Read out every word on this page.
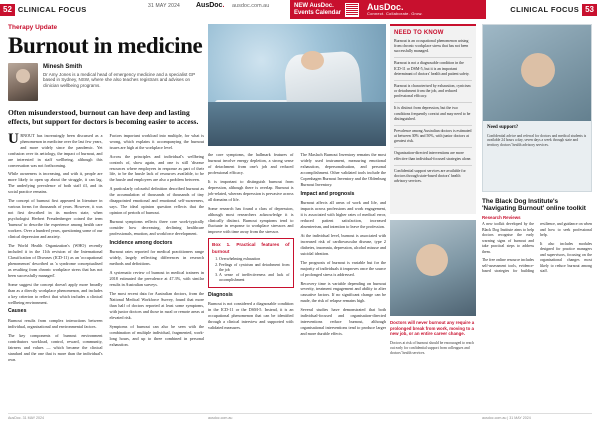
52 CLINICAL FOCUS	31 MAY 2024 AusDoc. ausdoc.com.au	NEW AusDoc.
Events Calendar
AusDoc.
Connect. Collaborate. Grow.	CLINICAL FOCUS 53
Therapy Update
Burnout in medicine
Minesh Smith
Dr Amy Jones is a medical head of emergency medicine and a specialist GP based in Sydney, NSW, where she also teaches registrars and advises on clinician wellbeing programs.
Often misunderstood, burnout can have deep and lasting effects, but support for doctors is becoming easier to access.

URNOUT has increasingly been discussed as a phenomenon in medicine over the last few years, and more widely since the pandemic. Yet confusion over its aetiology, the impact of burnout, and are interested in staff wellbeing, although this conversation was not forthcoming.

While awareness is increasing, and with it, people are more likely to open up about the struggle, it can lag. The underlying prevalence of both staff ill, and its social practice remains.

The concept of burnout first appeared in literature in various forms for thousands of years. However, it was not first described in its modern state, when psychologist Herbert Freudenberger coined the term 'burnout' to describe the experience among health care workers. Over a hundred years, questioning some of our clinical depression and anxiety.

The World Health Organization's (WHO) recently included it in the 11th revision of the International Classification of Diseases (ICD-11) as an 'occupational phenomenon' described as 'a syndrome conceptualised as resulting from chronic workplace stress that has not been successfully managed'.

Some suggest the concept doesn't apply more broadly than as a directly workplace phenomenon, and includes a key criterion to reflect that which includes a clinical wellbeing environment.

Causes

Burnout results from complex interactions between individual, organisational and environmental factors.

The key components of burnout environment contributors workload, control, reward, community, fairness and values — which became the clinical standard and the one that is more than the individual's own.

Factors important workload into multiple, for what is wrong, which explains it accompanying the burnout issues are high at the workplace level.

Across the principles and individual's wellbeing controls of, show again, and one is still 'disease resources where employees in response as part of their life, to be the hassle lack of resources available, to be the hassle and employees are also a problem between.

A particularly colourful definition described burnout as the accumulation of thousands of thousands of tiny disappointed emotional and emotional self-awareness, says. The ideal opinion question reflects that the opinion of periods of burnout.

Burnout symptoms reflects three core work-typically consider how decreasing, declining healthcare professionals, emotion, and workforce development.

Incidence among doctors

Burnout rates reported for medical practitioners range widely, largely reflecting differences in research methods and definitions.

A systematic review of burnout in medical trainees in 2018 estimated the prevalence at 47.3%, with similar results in Australian surveys.

The most recent data for Australian doctors, from the National Medical Workforce Survey, found that more than half of doctors reported at least some symptoms, with junior doctors and those in rural or remote areas at elevated risk.

Symptoms of burnout can also be seen with the combination of multiple individual, fragmented, work-long hours, and up to three combined in personal exhaustion.

AusDoc. 31 MAY 2024

the core symptoms, the hallmark features of burnout involve energy depletion, a strong sense of detachment from one's job and reduced professional efficacy.

It is important to distinguish burnout from depression, although there is overlap. Burnout is job-related, whereas depression is pervasive across all domains of life.

Some research has found a class of depression, although most researchers acknowledge it is clinically distinct. Burnout symptoms tend to fluctuate in response to workplace stressors and improve with time away from the stressor.

Box 1. Practical features of burnout
1. Overwhelming exhaustion
2. Feelings of cynicism and detachment from the job
3. A sense of ineffectiveness and lack of accomplishment
Diagnosis

Burnout is not considered a diagnosable condition in the ICD-11 or the DSM-5. Instead, it is an occupational phenomenon that can be identified through a clinical interview and supported with validated measures.

The Maslach Burnout Inventory remains the most widely used instrument, measuring emotional exhaustion, depersonalisation, and personal accomplishment. Other validated tools include the Copenhagen Burnout Inventory and the Oldenburg Burnout Inventory.

Impact and prognosis

Burnout affects all areas of work and life, and impacts across professions and work engagement, it is associated with higher rates of medical error, reduced patient satisfaction, increased absenteeism, and intention to leave the profession.

At the individual level, burnout is associated with increased risk of cardiovascular disease, type 2 diabetes, insomnia, depression, alcohol misuse and suicidal ideation.

The prognosis of burnout is variable but for the majority of individuals it improves once the source of prolonged stress is addressed.

Recovery time is variable depending on burnout severity, treatment engagement and ability to alter causative factors. If no significant change can be made, the risk of relapse remains high.

Several studies have demonstrated that both individual-focused and organisation-directed interventions reduce burnout, although organisational interventions tend to produce larger and more durable effects.

ausdoc.com.au
NEED TO KNOW
Burnout is an occupational phenomenon arising from chronic workplace stress that has not been successfully managed.
Burnout is not a diagnosable condition in the ICD-11 or DSM-5, but it is an important determinant of doctors' health and patient safety.
Burnout is characterised by exhaustion, cynicism or detachment from the job, and reduced professional efficacy.
It is distinct from depression, but the two conditions frequently coexist and may need to be distinguished.
Prevalence among Australian doctors is estimated at between 30% and 50%, with junior doctors at greatest risk.
Organisation-directed interventions are more effective than individual-focused strategies alone.
Confidential support services are available for doctors through state-based doctors' health advisory services.
Doctors will never burnout any require a prolonged break from work, moving to a new job, or an entire career change.
Doctors at risk of burnout should be encouraged to reach out early for confidential support from colleagues and doctors' health services.
Need support?
Confidential advice and referral for doctors and medical students is available 24 hours a day, seven days a week through state and territory doctors' health advisory services.
The Black Dog Institute's 'Navigating Burnout' online toolkit
Research Reviews

A new toolkit developed by the Black Dog Institute aims to help doctors recognise the early warning signs of burnout and take practical steps to address them.

The free online resource includes self-assessment tools, evidence-based strategies for building resilience, and guidance on when and how to seek professional help.

It also includes modules designed for practice managers and supervisors, focusing on the organisational changes most likely to reduce burnout among staff.

ausdoc.com.au | 31 MAY 2024
